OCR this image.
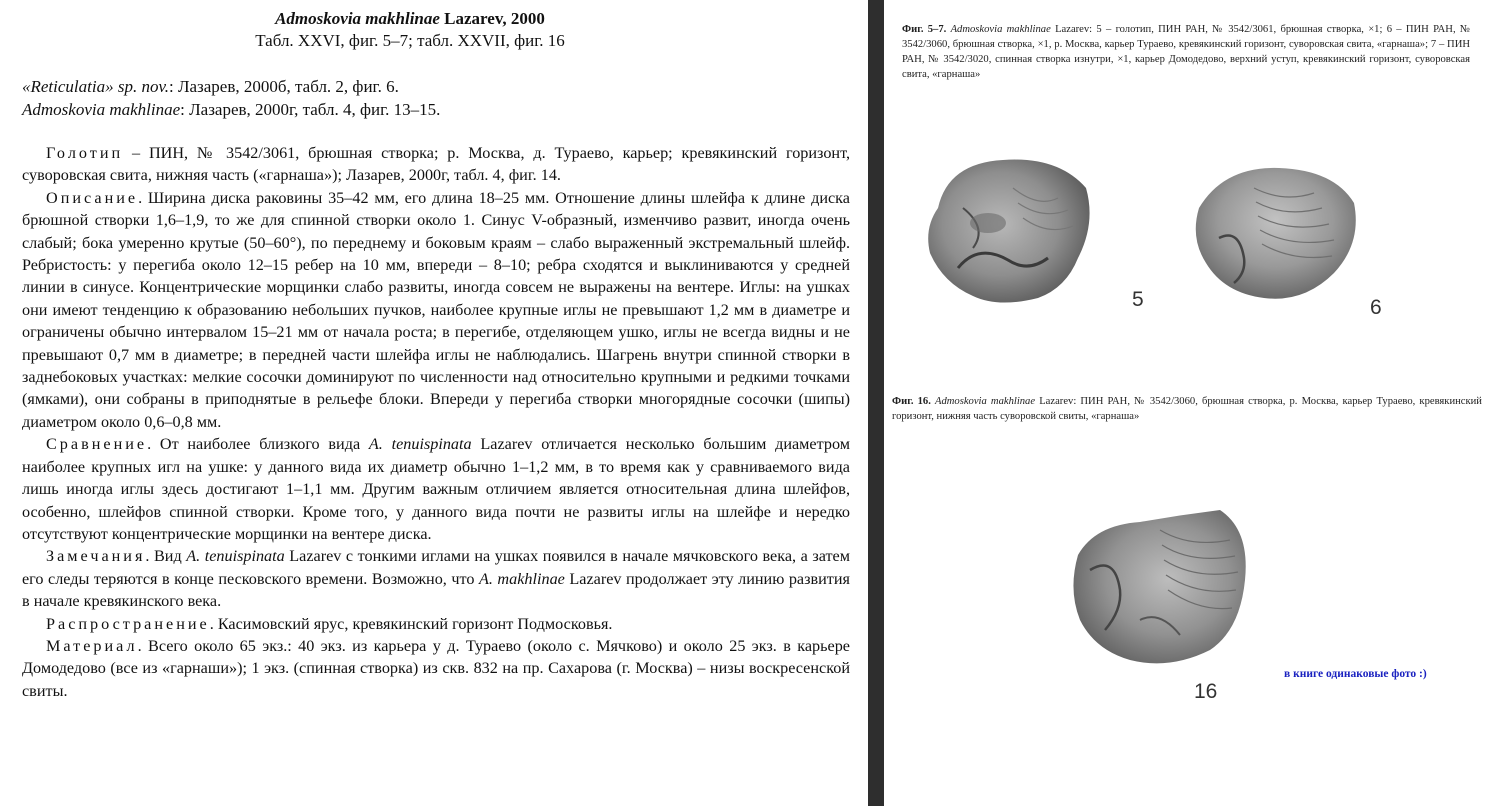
Admoskovia makhlinae Lazarev, 2000
Табл. XXVI, фиг. 5–7; табл. XXVII, фиг. 16
«Reticulatia» sp. nov.: Лазарев, 2000б, табл. 2, фиг. 6.
Admoskovia makhlinae: Лазарев, 2000г, табл. 4, фиг. 13–15.

Голотип – ПИН, № 3542/3061, брюшная створка; р. Москва, д. Тураево, карьер; кревякинский горизонт, суворовская свита, нижняя часть («гарнаша»); Лазарев, 2000г, табл. 4, фиг. 14.

Описание. Ширина диска раковины 35–42 мм, его длина 18–25 мм. Отношение длины шлейфа к длине диска брюшной створки 1,6–1,9, то же для спинной створки около 1. Синус V-образный, изменчиво развит, иногда очень слабый; бока умеренно крутые (50–60°), по переднему и боковым краям – слабо выраженный экстремальный шлейф. Ребристость: у перегиба около 12–15 ребер на 10 мм, впереди – 8–10; ребра сходятся и выклиниваются у средней линии в синусе. Концентрические морщинки слабо развиты, иногда совсем не выражены на вентере. Иглы: на ушках они имеют тенденцию к образованию небольших пучков, наиболее крупные иглы не превышают 1,2 мм в диаметре и ограничены обычно интервалом 15–21 мм от начала роста; в перегибе, отделяющем ушко, иглы не всегда видны и не превышают 0,7 мм в диаметре; в передней части шлейфа иглы не наблюдались. Шагрень внутри спинной створки в заднебоковых участках: мелкие сосочки доминируют по численности над относительно крупными и редкими точками (ямками), они собраны в приподнятые в рельефе блоки. Впереди у перегиба створки многорядные сосочки (шипы) диаметром около 0,6–0,8 мм.

Сравнение. От наиболее близкого вида A. tenuispinata Lazarev отличается несколько большим диаметром наиболее крупных игл на ушке: у данного вида их диаметр обычно 1–1,2 мм, в то время как у сравниваемого вида лишь иногда иглы здесь достигают 1–1,1 мм. Другим важным отличием является относительная длина шлейфов, особенно, шлейфов спинной створки. Кроме того, у данного вида почти не развиты иглы на шлейфе и нередко отсутствуют концентрические морщинки на вентере диска.

Замечания. Вид A. tenuispinata Lazarev с тонкими иглами на ушках появился в начале мячковского века, а затем его следы теряются в конце песковского времени. Возможно, что A. makhlinae Lazarev продолжает эту линию развития в начале кревякинского века.

Распространение. Касимовский ярус, кревякинский горизонт Подмосковья.

Материал. Всего около 65 экз.: 40 экз. из карьера у д. Тураево (около с. Мячково) и около 25 экз. в карьере Домодедово (все из «гарнаши»); 1 экз. (спинная створка) из скв. 832 на пр. Сахарова (г. Москва) – низы воскресенской свиты.

Фиг. 5–7. Admoskovia makhlinae Lazarev: 5 – голотип, ПИН РАН, № 3542/3061, брюшная створка, ×1; 6 – ПИН РАН, № 3542/3060, брюшная створка, ×1, р. Москва, карьер Тураево, кревякинский горизонт, суворовская свита, «гарнаша»; 7 – ПИН РАН, № 3542/3020, спинная створка изнутри, ×1, карьер Домодедово, верхний уступ, кревякинский горизонт, суворовская свита, «гарнаша»
5	6
Фиг. 16. Admoskovia makhlinae Lazarev: ПИН РАН, № 3542/3060, брюшная створка, р. Москва, карьер Тураево, кревякинский горизонт, нижняя часть суворовской свиты, «гарнаша»
16
в книге одинаковые фото :)
